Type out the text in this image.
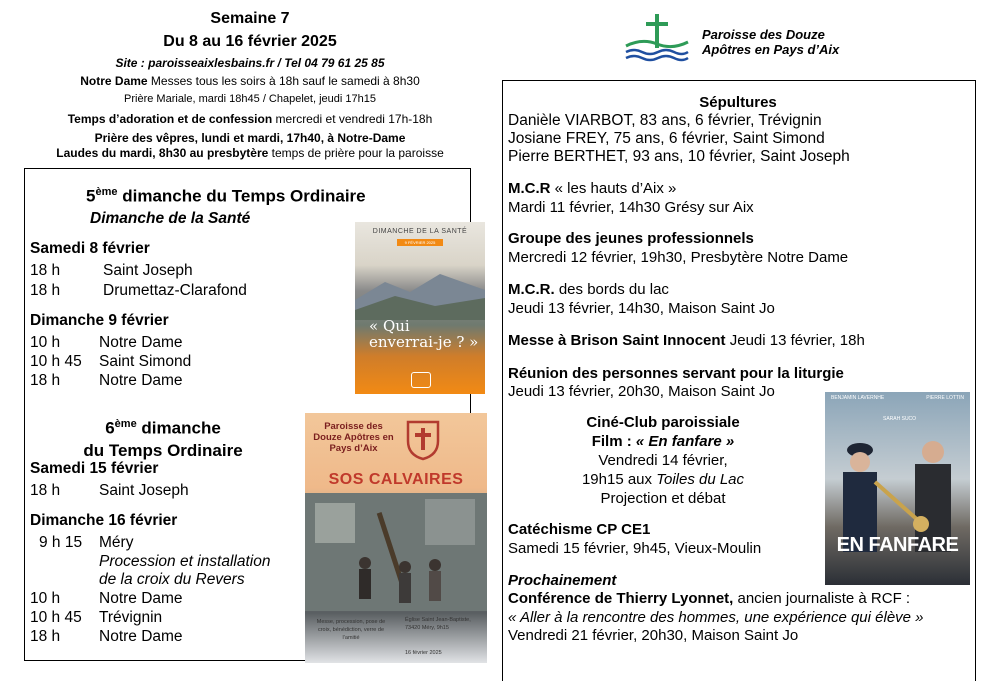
Semaine 7
Du 8 au 16 février 2025
Site : paroisseaixlesbains.fr / Tel 04 79 61 25 85
Notre Dame Messes tous les soirs à 18h sauf le samedi à 8h30
Prière Mariale, mardi 18h45 / Chapelet, jeudi 17h15
Temps d’adoration et de confession mercredi et vendredi 17h-18h
Prière des vêpres, lundi et mardi, 17h40, à Notre-Dame
Laudes du mardi, 8h30 au presbytère temps de prière pour la paroisse
Paroisse des Douze
Apôtres en Pays d’Aix
5ème dimanche du Temps Ordinaire
Dimanche de la Santé
Samedi 8 février
18 h	Saint Joseph
18 h	Drumettaz-Clarafond
Dimanche 9 février
10 h	Notre Dame
10 h 45 Saint Simond
18 h	Notre Dame
6ème dimanche
du Temps Ordinaire
Samedi 15 février
18 h	Saint Joseph
Dimanche 16 février
9 h 15 Méry
Procession et installation
de la croix du Revers
10 h	Notre Dame
10 h 45 Trévignin
18 h	Notre Dame
DIMANCHE DE LA SANTÉ
9 FÉVRIER 2025
« Qui enverrai-je ? »
Paroisse des Douze Apôtres en Pays d’Aix
SOS CALVAIRES
Messe, procession, pose de croix, bénédiction, verre de l’amitié
Église Saint Jean-Baptiste, 73420 Méry, 9h15
16 février 2025
Sépultures
Danièle VIARBOT, 83 ans, 6 février, Trévignin
Josiane FREY, 75 ans, 6 février, Saint Simond
Pierre BERTHET, 93 ans, 10 février, Saint Joseph
M.C.R « les hauts d’Aix »
Mardi 11 février, 14h30 Grésy sur Aix
Groupe des jeunes professionnels
Mercredi 12 février, 19h30, Presbytère Notre Dame
M.C.R. des bords du lac
Jeudi 13 février, 14h30, Maison Saint Jo
Messe à Brison Saint Innocent Jeudi 13 février, 18h
Réunion des personnes servant pour la liturgie
Jeudi 13 février, 20h30, Maison Saint Jo
Ciné-Club paroissiale
Film : « En fanfare »
Vendredi 14 février,
19h15 aux Toiles du Lac
Projection et débat
BENJAMIN LAVERNHE	PIERRE LOTTIN
SARAH SUCO
EN FANFARE
Catéchisme CP CE1
Samedi 15 février, 9h45, Vieux-Moulin
Prochainement
Conférence de Thierry Lyonnet, ancien journaliste à RCF :
« Aller à la rencontre des hommes, une expérience qui élève »
Vendredi 21 février, 20h30, Maison Saint Jo
